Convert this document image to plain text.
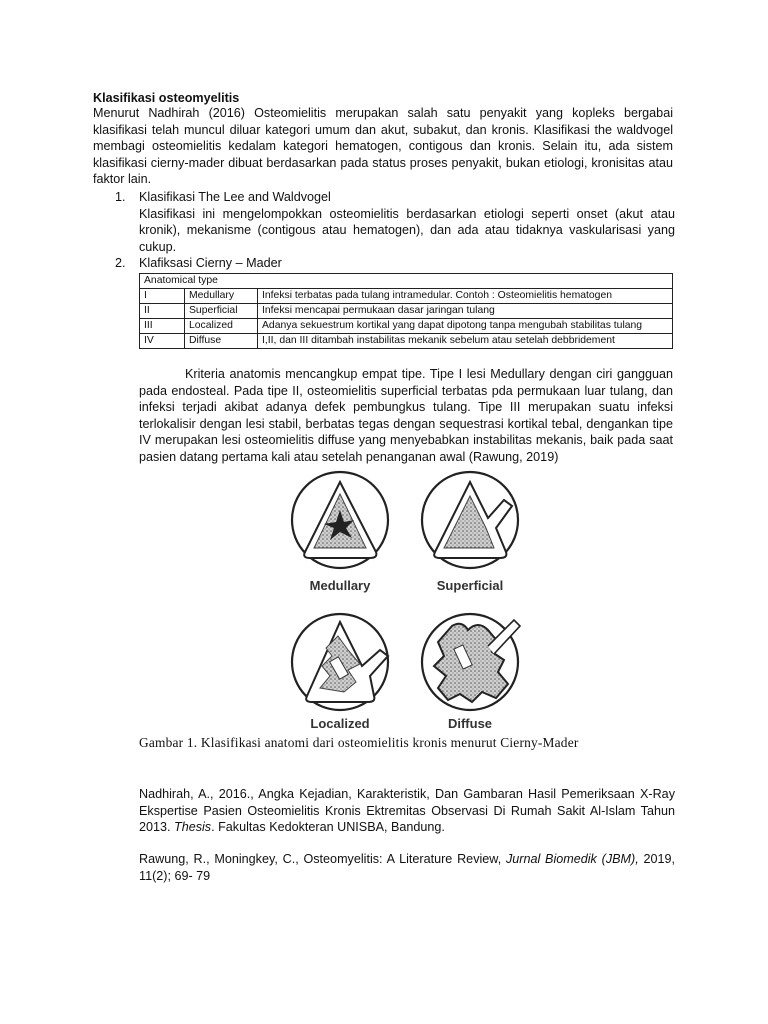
Klasifikasi osteomyelitis
Menurut Nadhirah (2016) Osteomielitis merupakan salah satu penyakit yang kopleks bergabai klasifikasi telah muncul diluar kategori umum dan akut, subakut, dan kronis. Klasifikasi the waldvogel membagi osteomielitis kedalam kategori hematogen, contigous dan kronis. Selain itu, ada sistem klasifikasi cierny-mader dibuat berdasarkan pada status proses penyakit, bukan etiologi, kronisitas atau faktor lain.
1. Klasifikasi The Lee and Waldvogel
Klasifikasi ini mengelompokkan osteomielitis berdasarkan etiologi seperti onset (akut atau kronik), mekanisme (contigous atau hematogen), dan ada atau tidaknya vaskularisasi yang cukup.
2. Klafiksasi Cierny – Mader
Anatomical type		
I	Medullary	Infeksi terbatas pada tulang intramedular. Contoh : Osteomielitis hematogen
II	Superficial	Infeksi mencapai permukaan dasar jaringan tulang
III	Localized	Adanya sekuestrum kortikal yang dapat dipotong tanpa mengubah stabilitas tulang
IV	Diffuse	I,II, dan III ditambah instabilitas mekanik sebelum atau setelah debbridement
Kriteria anatomis mencangkup empat tipe. Tipe I lesi Medullary dengan ciri gangguan pada endosteal. Pada tipe II, osteomielitis superficial terbatas pda permukaan luar tulang, dan infeksi terjadi akibat adanya defek pembungkus tulang. Tipe III merupakan suatu infeksi terlokalisir dengan lesi stabil, berbatas tegas dengan sequestrasi kortikal tebal, dengankan tipe IV merupakan lesi osteomielitis diffuse yang menyebabkan instabilitas mekanis, baik pada saat pasien datang pertama kali atau setelah penanganan awal (Rawung, 2019)
Medullary	Superficial
Localized	Diffuse
Gambar 1. Klasifikasi anatomi dari osteomielitis kronis menurut Cierny-Mader
Nadhirah, A., 2016., Angka Kejadian, Karakteristik, Dan Gambaran Hasil Pemeriksaan X-Ray Ekspertise Pasien Osteomielitis Kronis Ektremitas Observasi Di Rumah Sakit Al-Islam Tahun 2013. Thesis. Fakultas Kedokteran UNISBA, Bandung.
Rawung, R., Moningkey, C., Osteomyelitis: A Literature Review, Jurnal Biomedik (JBM), 2019, 11(2); 69- 79
